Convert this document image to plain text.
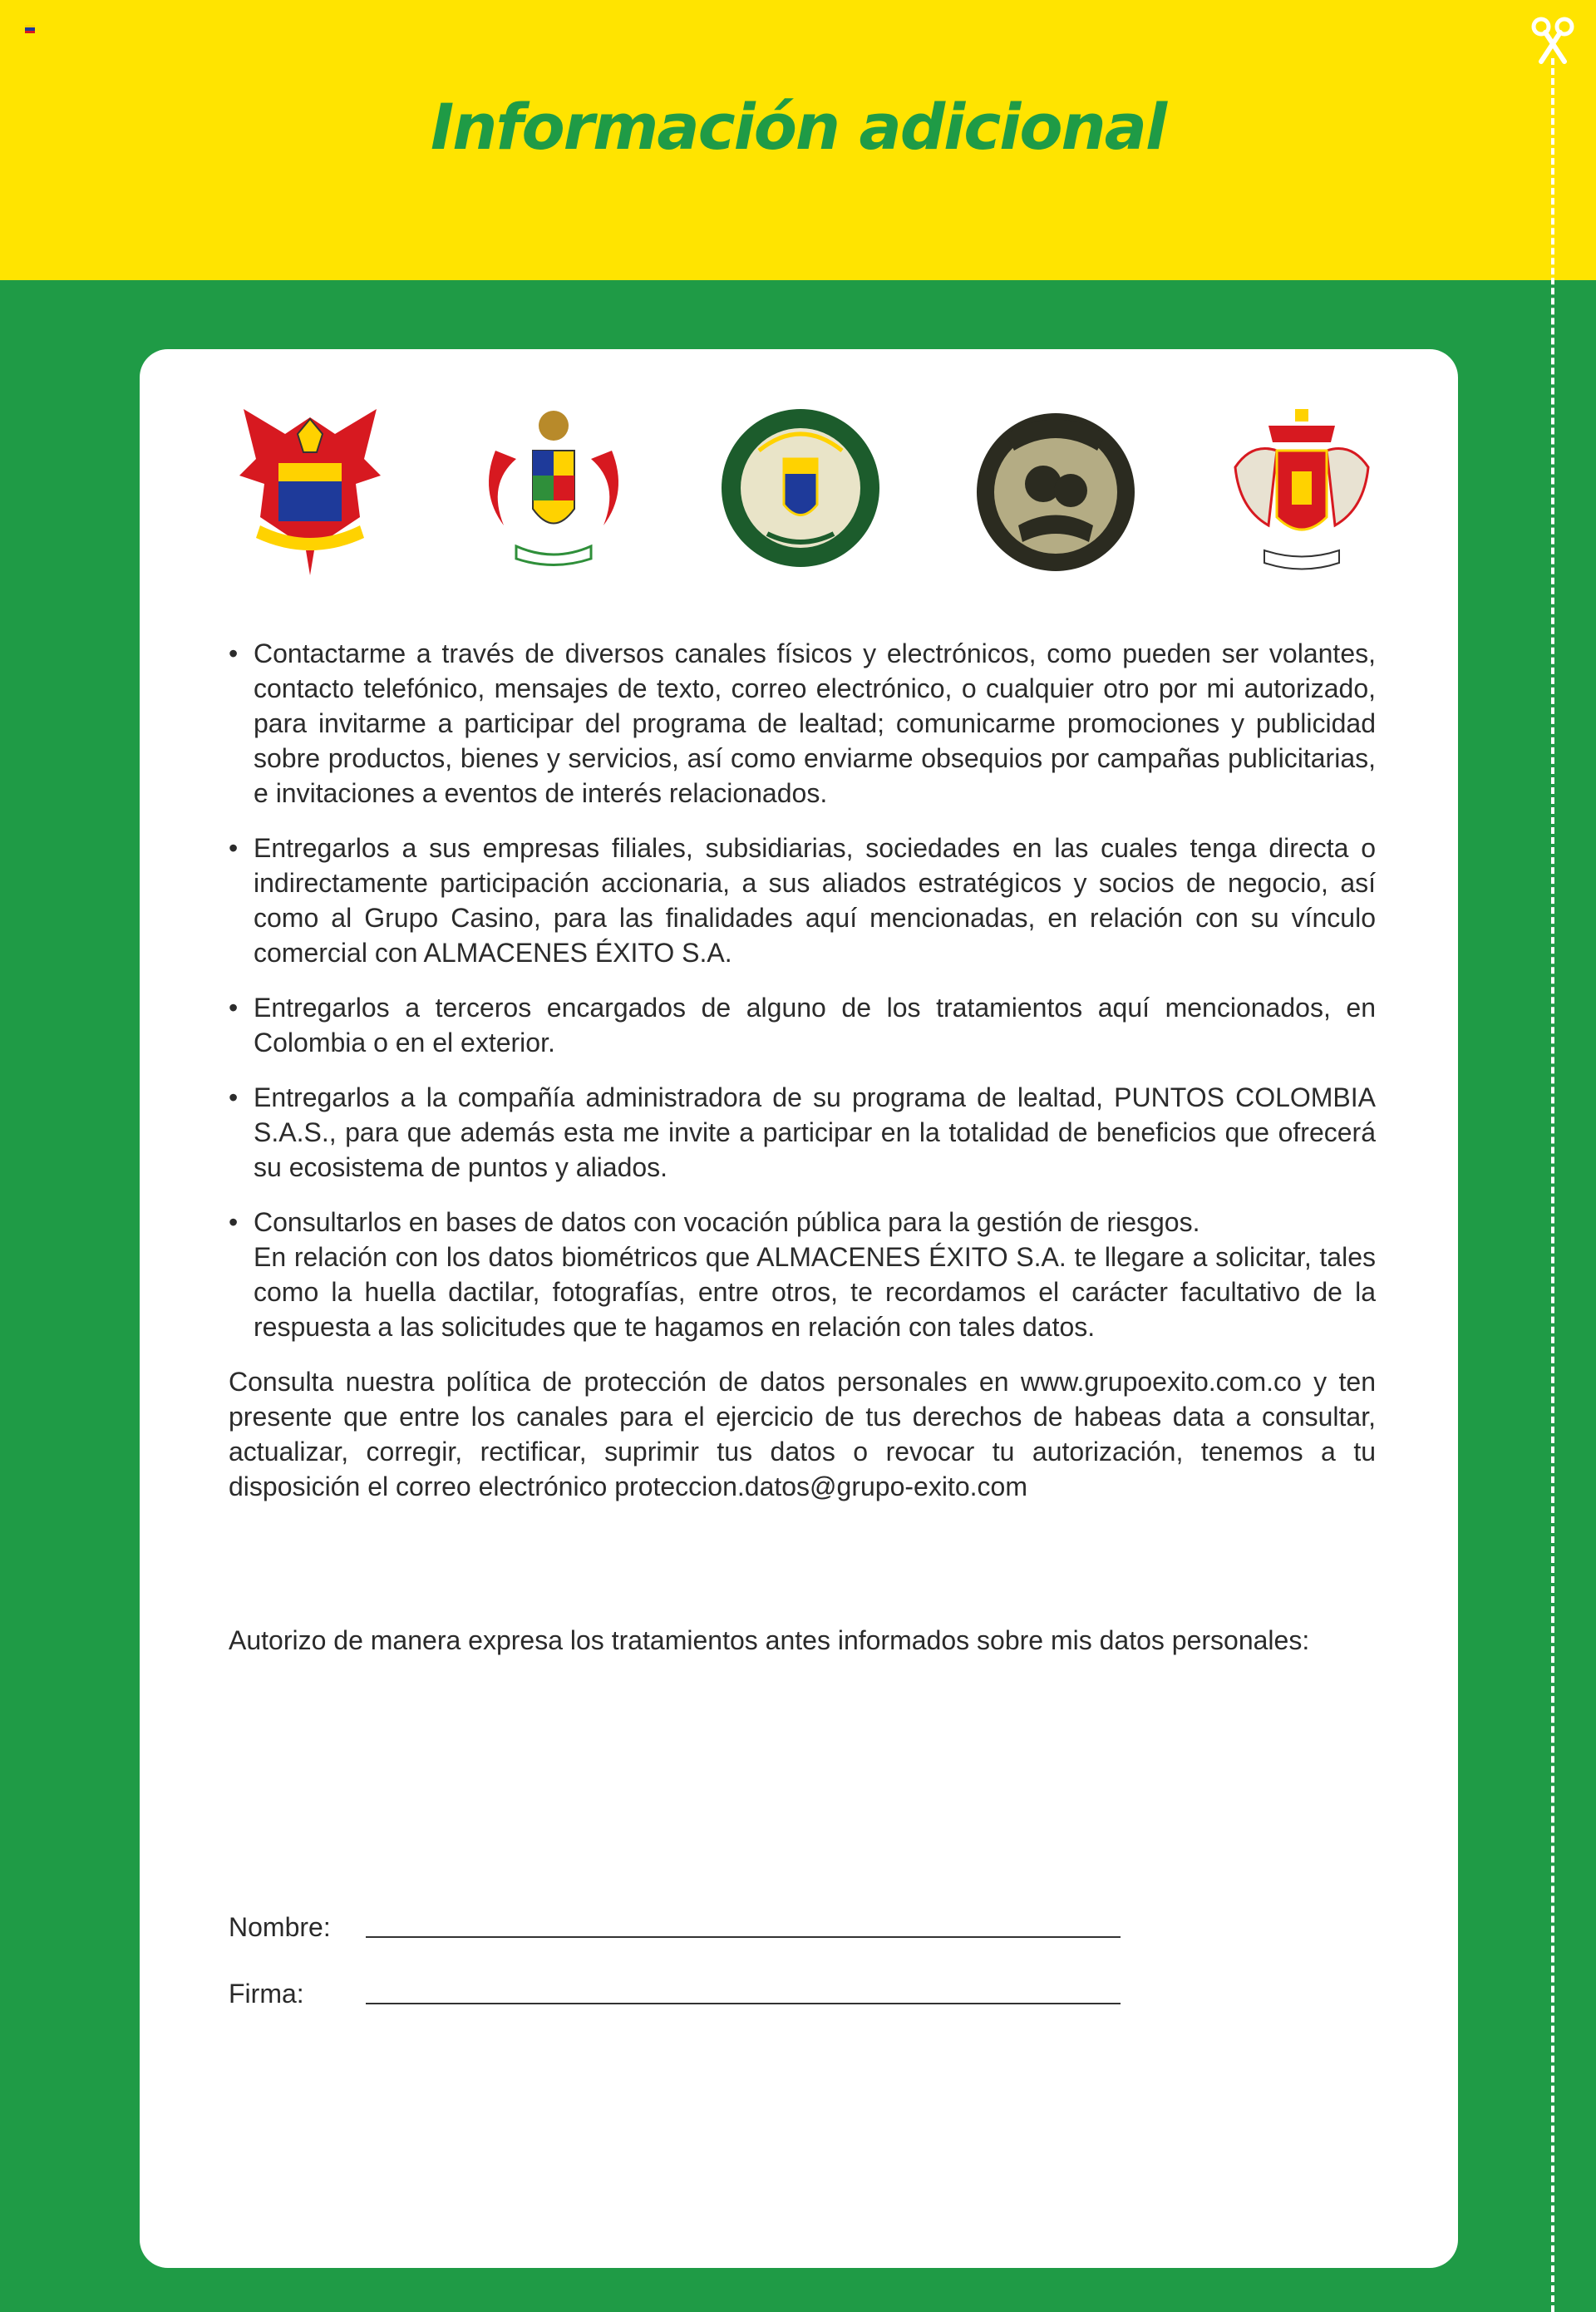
Información adicional

• Contactarme a través de diversos canales físicos y electrónicos, como pueden ser volantes, contacto telefónico, mensajes de texto, correo electrónico, o cualquier otro por mi autorizado, para invitarme a participar del programa de lealtad; comunicarme promociones y publicidad sobre productos, bienes y servicios, así como enviarme obsequios por campañas publicitarias, e invitaciones a eventos de interés relacionados.

• Entregarlos a sus empresas filiales, subsidiarias, sociedades en las cuales tenga directa o indirectamente participación accionaria, a sus aliados estratégicos y socios de negocio, así como al Grupo Casino, para las finalidades aquí mencionadas, en relación con su vínculo comercial con ALMACENES ÉXITO S.A.

• Entregarlos a terceros encargados de alguno de los tratamientos aquí mencionados, en Colombia o en el exterior.

• Entregarlos a la compañía administradora de su programa de lealtad, PUNTOS COLOMBIA S.A.S., para que además esta me invite a participar en la totalidad de beneficios que ofrecerá su ecosistema de puntos y aliados.

• Consultarlos en bases de datos con vocación pública para la gestión de riesgos.

En relación con los datos biométricos que ALMACENES ÉXITO S.A. te llegare a solicitar, tales como la huella dactilar, fotografías, entre otros, te recordamos el carácter facultativo de la respuesta a las solicitudes que te hagamos en relación con tales datos.

Consulta nuestra política de protección de datos personales en www.grupoexito.com.co y ten presente que entre los canales para el ejercicio de tus derechos de habeas data a consultar, actualizar, corregir, rectificar, suprimir tus datos o revocar tu autorización, tenemos a tu disposición el correo electrónico proteccion.datos@grupo-exito.com

Autorizo de manera expresa los tratamientos antes informados sobre mis datos personales:
Nombre:
Firma:
